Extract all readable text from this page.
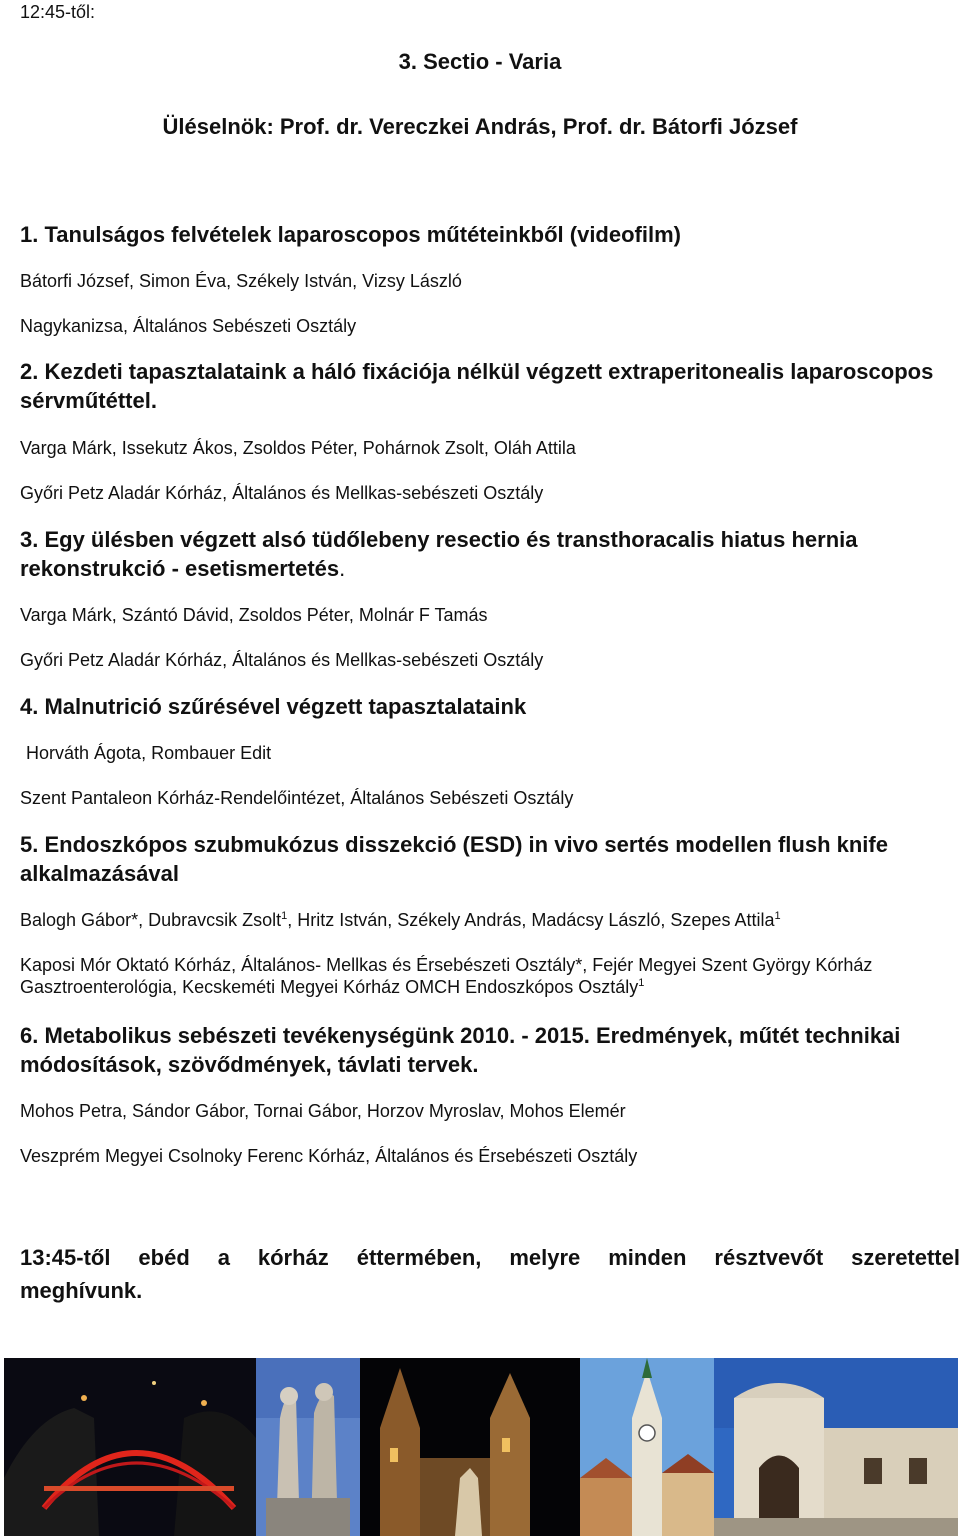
12:45-től:
3. Sectio - Varia
Üléselnök: Prof. dr. Vereczkei András, Prof. dr. Bátorfi József
1. Tanulságos felvételek laparoscopos műtéteinkből (videofilm)
Bátorfi József, Simon Éva, Székely István, Vizsy László
Nagykanizsa, Általános Sebészeti Osztály
2. Kezdeti tapasztalataink a háló fixációja nélkül végzett extraperitonealis laparoscopos sérvműtéttel.
Varga Márk, Issekutz Ákos, Zsoldos Péter, Pohárnok Zsolt, Oláh Attila
Győri Petz Aladár Kórház, Általános és Mellkas-sebészeti Osztály
3. Egy ülésben végzett alsó tüdőlebeny resectio és transthoracalis hiatus hernia rekonstrukció - esetismertetés.
Varga Márk, Szántó Dávid, Zsoldos Péter, Molnár F Tamás
Győri Petz Aladár Kórház, Általános és Mellkas-sebészeti Osztály
4. Malnutrició szűrésével végzett tapasztalataink
Horváth Ágota, Rombauer Edit
Szent Pantaleon Kórház-Rendelőintézet, Általános Sebészeti Osztály
5. Endoszkópos szubmukózus disszekció (ESD) in vivo sertés modellen flush knife alkalmazásával
Balogh Gábor*, Dubravcsik Zsolt$^1$, Hritz István, Székely András, Madácsy László, Szepes Attila$^1$
Kaposi Mór Oktató Kórház, Általános- Mellkas és Érsebészeti Osztály*, Fejér Megyei Szent György Kórház Gasztroenterológia, Kecskeméti Megyei Kórház OMCH Endoszkópos Osztály$^1$
6. Metabolikus sebészeti tevékenységünk 2010. - 2015. Eredmények, műtét technikai módosítások, szövődmények, távlati tervek.
Mohos Petra, Sándor Gábor, Tornai Gábor, Horzov Myroslav, Mohos Elemér
Veszprém Megyei Csolnoky Ferenc Kórház, Általános és Érsebészeti Osztály
13:45-től ebéd a kórház éttermében, melyre minden résztvevőt szeretettel
meghívunk.
